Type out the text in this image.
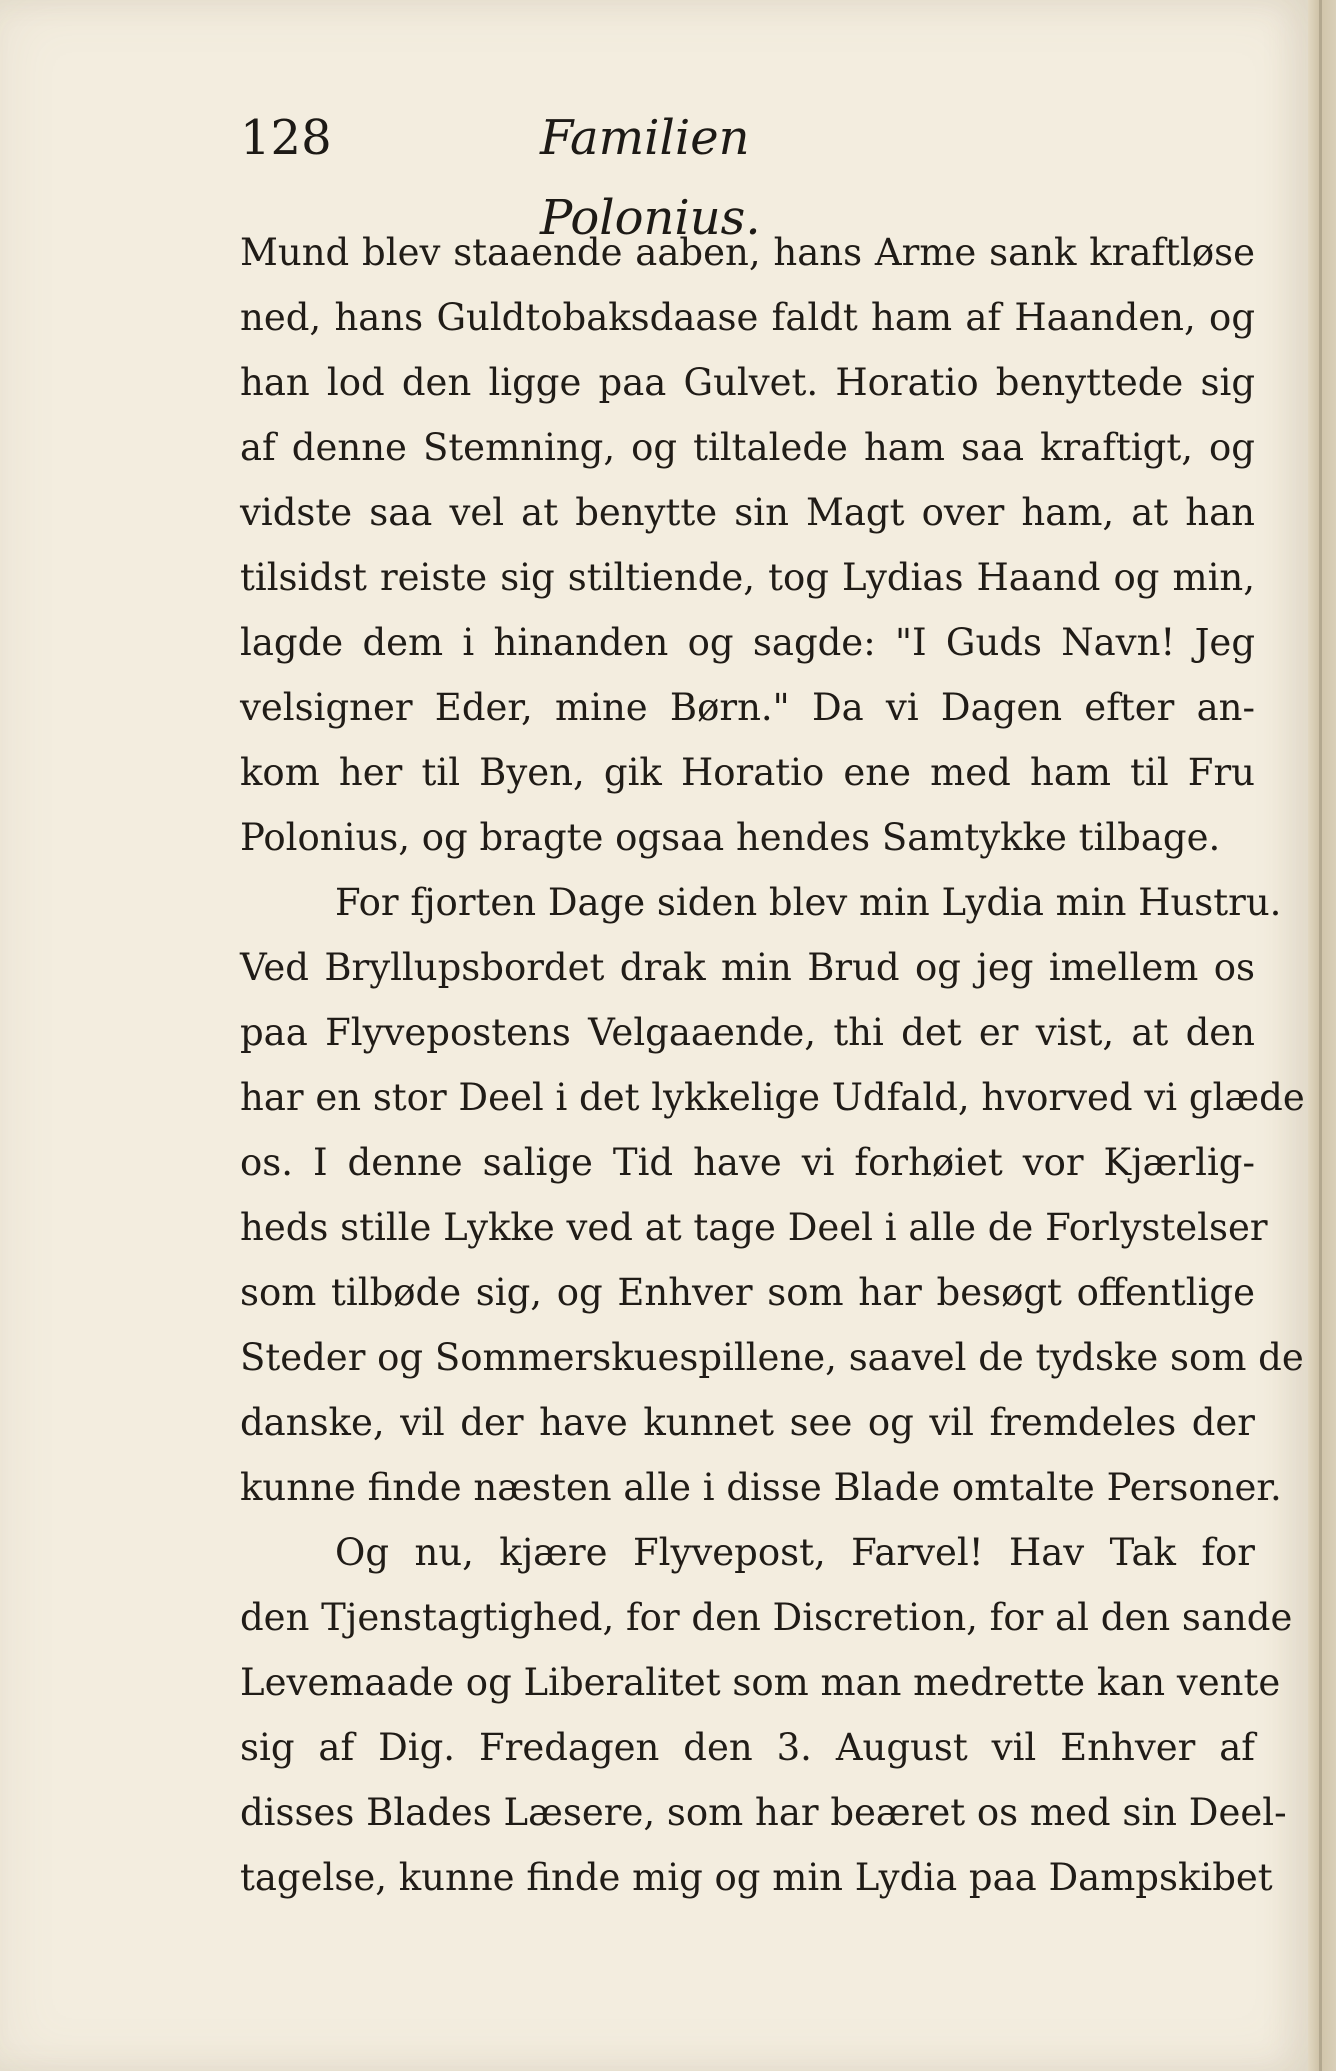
128	Familien Polonius.
Mund blev staaende aaben, hans Arme sank kraftløse
ned, hans Guldtobaksdaase faldt ham af Haanden, og
han lod den ligge paa Gulvet. Horatio benyttede sig
af denne Stemning, og tiltalede ham saa kraftigt, og
vidste saa vel at benytte sin Magt over ham, at han
tilsidst reiste sig stiltiende, tog Lydias Haand og min,
lagde dem i hinanden og sagde: "I Guds Navn! Jeg
velsigner Eder, mine Børn." Da vi Dagen efter an-
kom her til Byen, gik Horatio ene med ham til Fru
Polonius, og bragte ogsaa hendes Samtykke tilbage.
For fjorten Dage siden blev min Lydia min Hustru.
Ved Bryllupsbordet drak min Brud og jeg imellem os
paa Flyvepostens Velgaaende, thi det er vist, at den
har en stor Deel i det lykkelige Udfald, hvorved vi glæde
os. I denne salige Tid have vi forhøiet vor Kjærlig-
heds stille Lykke ved at tage Deel i alle de Forlystelser
som tilbøde sig, og Enhver som har besøgt offentlige
Steder og Sommerskuespillene, saavel de tydske som de
danske, vil der have kunnet see og vil fremdeles der
kunne finde næsten alle i disse Blade omtalte Personer.
Og nu, kjære Flyvepost, Farvel! Hav Tak for
den Tjenstagtighed, for den Discretion, for al den sande
Levemaade og Liberalitet som man medrette kan vente
sig af Dig. Fredagen den 3. August vil Enhver af
disses Blades Læsere, som har beæret os med sin Deel-
tagelse, kunne finde mig og min Lydia paa Dampskibet
